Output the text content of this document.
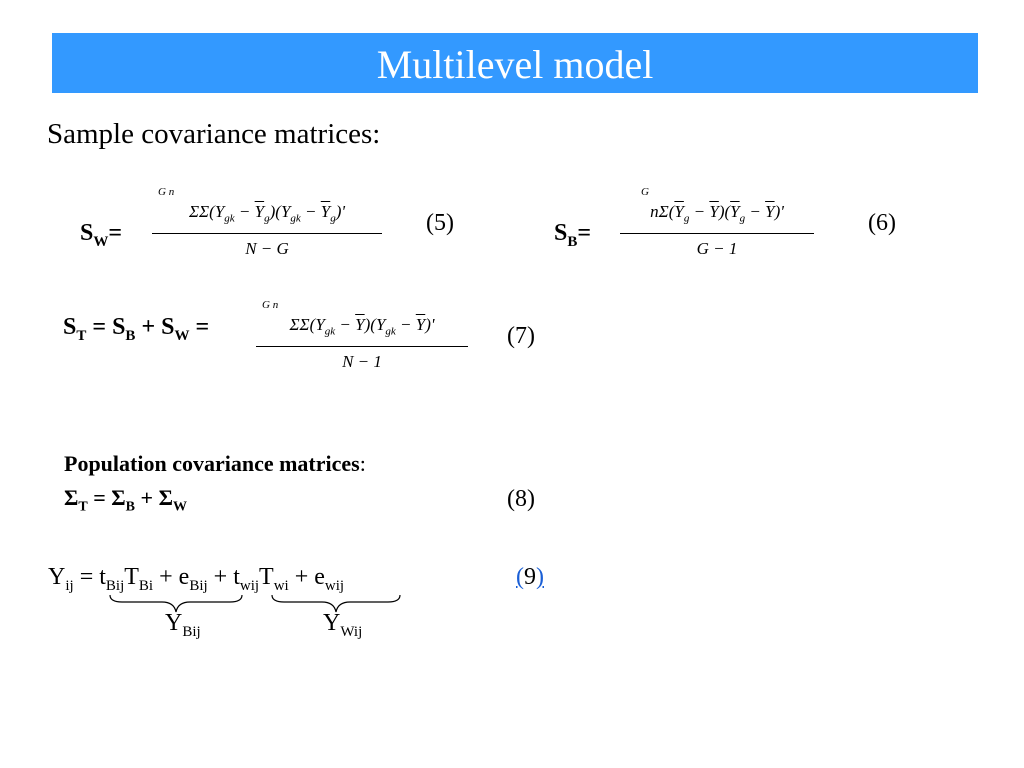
Multilevel model
Sample covariance matrices:
$S_W=$
G n
$\Sigma\Sigma(Y_{gk} - \overline{Y}_g)(Y_{gk} - \overline{Y}_g)'$
N − G
(5)	$S_B=$
G
$n\Sigma(\overline{Y}_g - \overline{Y})(\overline{Y}_g - \overline{Y})'$
G − 1
(6)
$S_T = S_B + S_W$ =
G n
$\Sigma\Sigma(Y_{gk} - \overline{Y})(Y_{gk} - \overline{Y})'$
N − 1
(7)
Population covariance matrices:
$\Sigma_T = \Sigma_B + \Sigma_W$	(8)
$Y_{ij} = t_{Bij}T_{Bi} + e_{Bij} + t_{wij}T_{wi} + e_{wij}$	(9)
$Y_{Bij}$	$Y_{Wij}$
